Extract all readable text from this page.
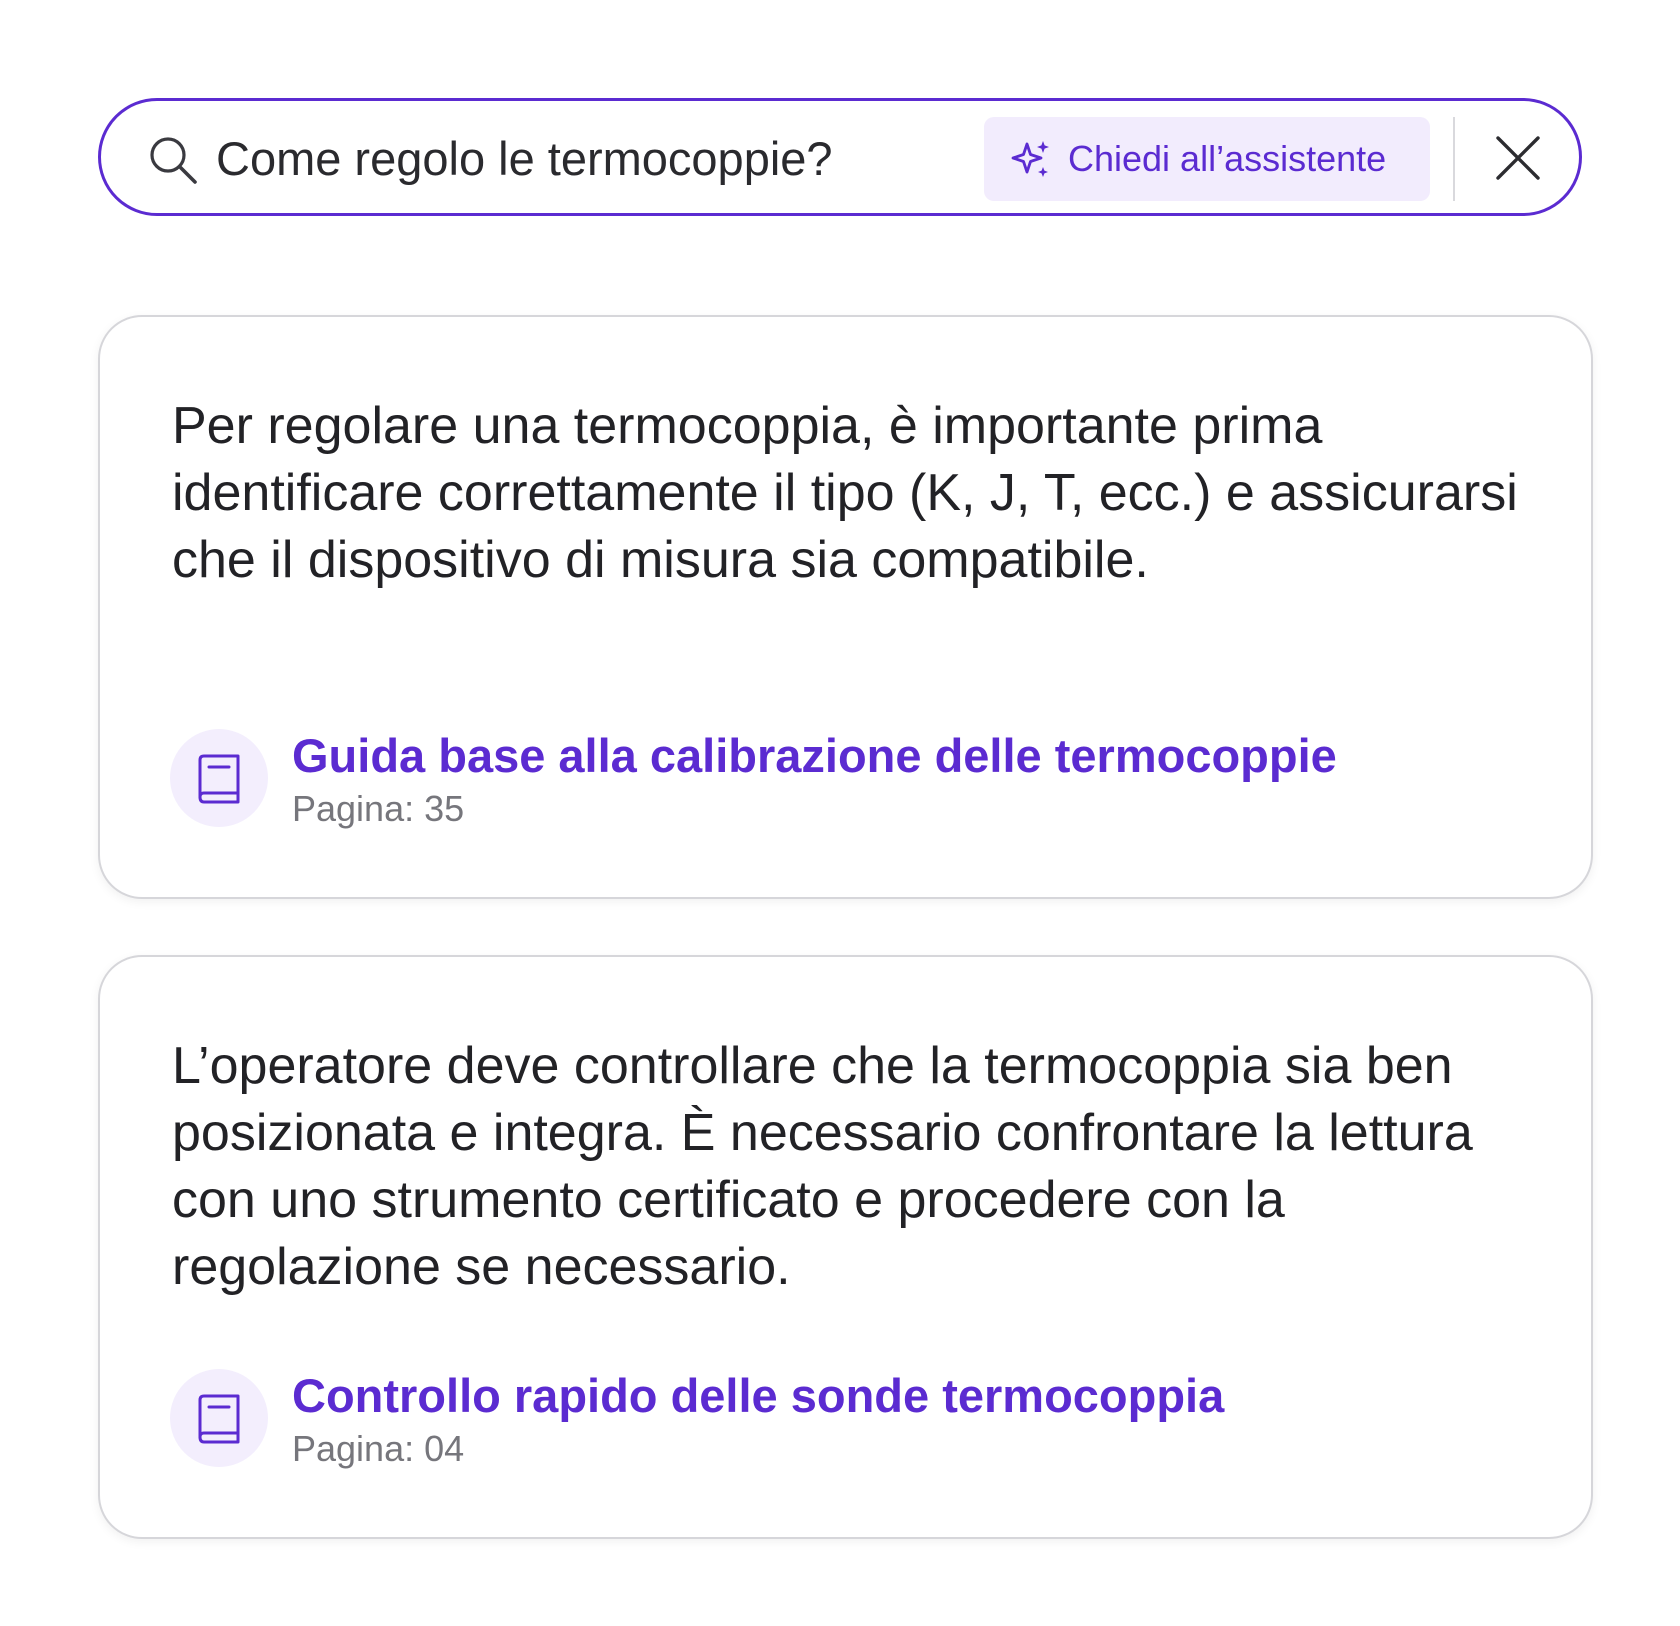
Come regolo le termocoppie?
Chiedi all’assistente

Per regolare una termocoppia, è importante prima identificare correttamente il tipo (K, J, T, ecc.) e assicurarsi che il dispositivo di misura sia compatibile.

Guida base alla calibrazione delle termocoppie
Pagina: 35

L’operatore deve controllare che la termocoppia sia ben posizionata e integra. È necessario confrontare la lettura con uno strumento certificato e procedere con la regolazione se necessario.

Controllo rapido delle sonde termocoppia
Pagina: 04
